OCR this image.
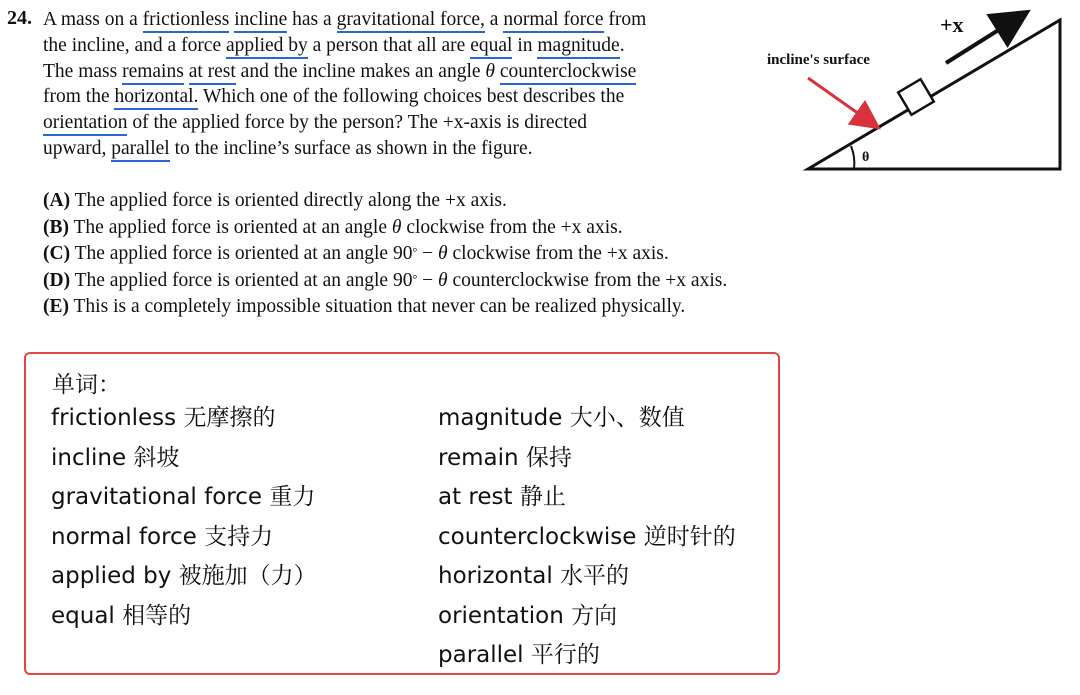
24. A mass on a frictionless incline has a gravitational force, a normal force from
the incline, and a force applied by a person that all are equal in magnitude.
The mass remains at rest and the incline makes an angle θ counterclockwise
from the horizontal. Which one of the following choices best describes the
orientation of the applied force by the person? The +x-axis is directed
upward, parallel to the incline’s surface as shown in the figure.
(A) The applied force is oriented directly along the +x axis.
(B) The applied force is oriented at an angle θ clockwise from the +x axis.
(C) The applied force is oriented at an angle 90° − θ clockwise from the +x axis.
(D) The applied force is oriented at an angle 90° − θ counterclockwise from the +x axis.
(E) This is a completely impossible situation that never can be realized physically.
θ
+x
incline's surface
单词：
frictionless 无摩擦的
incline 斜坡
gravitational force 重力
normal force 支持力
applied by 被施加（力）
equal 相等的
magnitude 大小、数值
remain 保持
at rest 静止
counterclockwise 逆时针的
horizontal 水平的
orientation 方向
parallel 平行的
